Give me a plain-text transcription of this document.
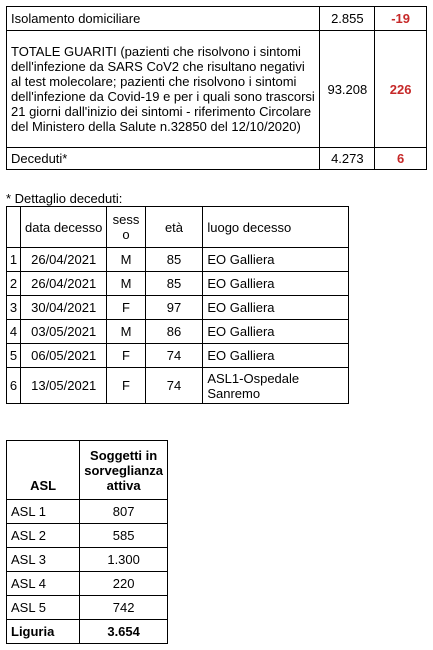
Isolamento domiciliare	2.855	-19
TOTALE GUARITI (pazienti che risolvono i sintomi dell'infezione da SARS CoV2 che risultano negativi al test molecolare; pazienti che risolvono i sintomi dell'infezione da Covid-19 e per i quali sono trascorsi 21 giorni dall'inizio dei sintomi - riferimento Circolare del Ministero della Salute n.32850 del 12/10/2020)	93.208	226
Deceduti*	4.273	6
* Dettaglio deceduti:
	data decesso	sesso	età	luogo decesso
1	26/04/2021	M	85	EO Galliera
2	26/04/2021	M	85	EO Galliera
3	30/04/2021	F	97	EO Galliera
4	03/05/2021	M	86	EO Galliera
5	06/05/2021	F	74	EO Galliera
6	13/05/2021	F	74	ASL1-Ospedale Sanremo
ASL	Soggetti in sorveglianza attiva
ASL 1	807
ASL 2	585
ASL 3	1.300
ASL 4	220
ASL 5	742
Liguria	3.654
